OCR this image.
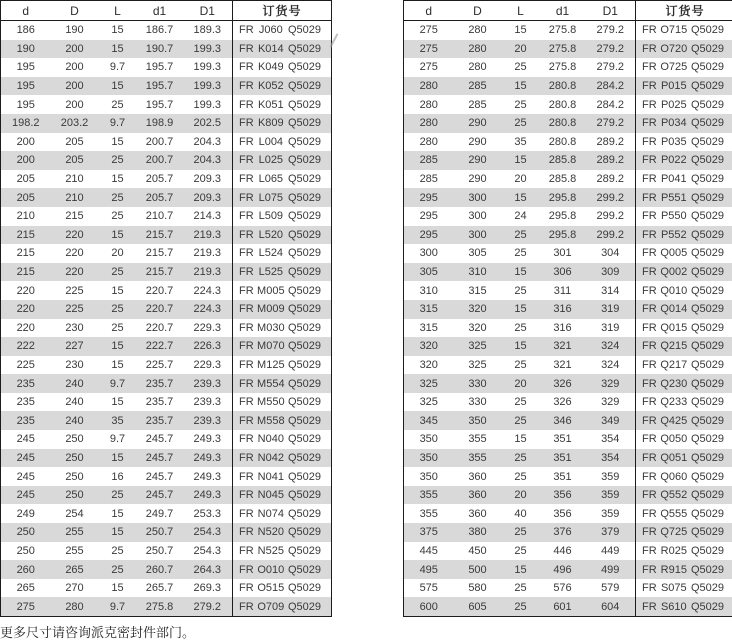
d	D	L	d1	D1	订货号
186	190	15	186.7	189.3	FR J060 Q5029

190	200	15	190.7	199.3	FR K014 Q5029

195	200	9.7	195.7	199.3	FR K049 Q5029

195	200	15	195.7	199.3	FR K052 Q5029

195	200	25	195.7	199.3	FR K051 Q5029

198.2	203.2	9.7	198.9	202.5	FR K809 Q5029

200	205	15	200.7	204.3	FR L004 Q5029

200	205	25	200.7	204.3	FR L025 Q5029

205	210	15	205.7	209.3	FR L065 Q5029

205	210	25	205.7	209.3	FR L075 Q5029

210	215	25	210.7	214.3	FR L509 Q5029

215	220	15	215.7	219.3	FR L520 Q5029

215	220	20	215.7	219.3	FR L524 Q5029

215	220	25	215.7	219.3	FR L525 Q5029

220	225	15	220.7	224.3	FR M005 Q5029

220	225	25	220.7	224.3	FR M009 Q5029

220	230	25	220.7	229.3	FR M030 Q5029

222	227	15	222.7	226.3	FR M070 Q5029

225	230	15	225.7	229.3	FR M125 Q5029

235	240	9.7	235.7	239.3	FR M554 Q5029

235	240	15	235.7	239.3	FR M550 Q5029

235	240	35	235.7	239.3	FR M558 Q5029

245	250	9.7	245.7	249.3	FR N040 Q5029

245	250	15	245.7	249.3	FR N042 Q5029

245	250	16	245.7	249.3	FR N041 Q5029

245	250	25	245.7	249.3	FR N045 Q5029

249	254	15	249.7	253.3	FR N074 Q5029

250	255	15	250.7	254.3	FR N520 Q5029

250	255	25	250.7	254.3	FR N525 Q5029

260	265	25	260.7	264.3	FR O010 Q5029

265	270	15	265.7	269.3	FR O515 Q5029

275	280	9.7	275.8	279.2	FR O709 Q5029
d	D	L	d1	D1	订货号
275	280	15	275.8	279.2	FR O715 Q5029

275	280	20	275.8	279.2	FR O720 Q5029

275	280	25	275.8	279.2	FR O725 Q5029

280	285	15	280.8	284.2	FR P015 Q5029

280	285	25	280.8	284.2	FR P025 Q5029

280	290	25	280.8	279.2	FR P034 Q5029

280	290	35	280.8	289.2	FR P035 Q5029

285	290	15	285.8	289.2	FR P022 Q5029

285	290	20	285.8	289.2	FR P041 Q5029

295	300	15	295.8	299.2	FR P551 Q5029

295	300	24	295.8	299.2	FR P550 Q5029

295	300	25	295.8	299.2	FR P552 Q5029

300	305	25	301	304	FR Q005 Q5029

305	310	15	306	309	FR Q002 Q5029

310	315	25	311	314	FR Q010 Q5029

315	320	15	316	319	FR Q014 Q5029

315	320	25	316	319	FR Q015 Q5029

320	325	15	321	324	FR Q215 Q5029

320	325	25	321	324	FR Q217 Q5029

325	330	20	326	329	FR Q230 Q5029

325	330	25	326	329	FR Q233 Q5029

345	350	25	346	349	FR Q425 Q5029

350	355	15	351	354	FR Q050 Q5029

350	355	25	351	354	FR Q051 Q5029

350	360	25	351	359	FR Q060 Q5029

355	360	20	356	359	FR Q552 Q5029

355	360	40	356	359	FR Q555 Q5029

375	380	25	376	379	FR Q725 Q5029

445	450	25	446	449	FR R025 Q5029

495	500	15	496	499	FR R915 Q5029

575	580	25	576	579	FR S075 Q5029

600	605	25	601	604	FR S610 Q5029
更多尺寸请咨询派克密封件部门。
